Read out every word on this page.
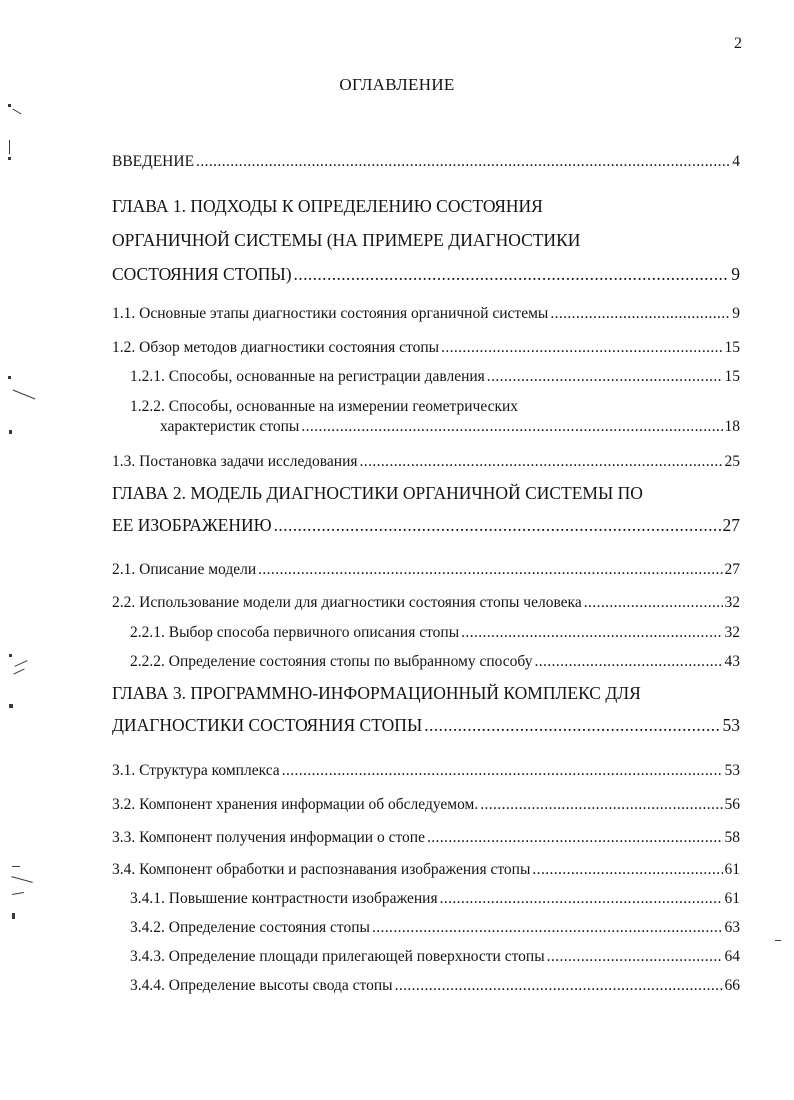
2
ОГЛАВЛЕНИЕ
ВВЕДЕНИЕ .....	4
ГЛАВА 1. ПОДХОДЫ К ОПРЕДЕЛЕНИЮ СОСТОЯНИЯ
ОРГАНИЧНОЙ СИСТЕМЫ (НА ПРИМЕРЕ ДИАГНОСТИКИ
СОСТОЯНИЯ СТОПЫ) .....	9
1.1. Основные этапы диагностики состояния органичной системы .....	9
1.2. Обзор методов диагностики состояния стопы .....	15
1.2.1. Способы, основанные на регистрации давления .....	15
1.2.2. Способы, основанные на измерении геометрических
характеристик стопы .....	18
1.3. Постановка задачи исследования .....	25
ГЛАВА 2. МОДЕЛЬ ДИАГНОСТИКИ ОРГАНИЧНОЙ СИСТЕМЫ ПО
ЕЕ ИЗОБРАЖЕНИЮ .....	27
2.1. Описание модели .....	27
2.2. Использование модели для диагностики состояния стопы человека .....	32
2.2.1. Выбор способа первичного описания стопы .....	32
2.2.2. Определение состояния стопы по выбранному способу .....	43
ГЛАВА 3. ПРОГРАММНО-ИНФОРМАЦИОННЫЙ КОМПЛЕКС ДЛЯ
ДИАГНОСТИКИ СОСТОЯНИЯ СТОПЫ .....	53
3.1. Структура комплекса .....	53
3.2. Компонент хранения информации об обследуемом. .....	56
3.3. Компонент получения информации о стопе .....	58
3.4. Компонент обработки и распознавания изображения стопы .....	61
3.4.1. Повышение контрастности изображения .....	61
3.4.2. Определение состояния стопы .....	63
3.4.3. Определение площади прилегающей поверхности стопы .....	64
3.4.4. Определение высоты свода стопы .....	66
